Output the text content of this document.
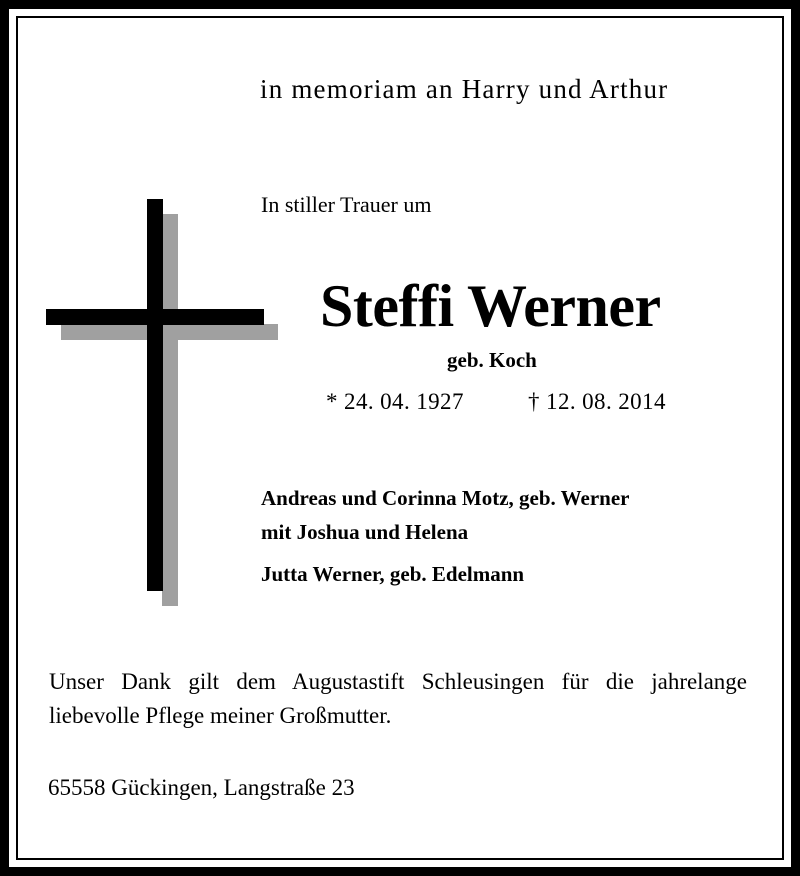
in memoriam an Harry und Arthur
In stiller Trauer um
Steffi Werner
geb. Koch
* 24. 04. 1927	† 12. 08. 2014
Andreas und Corinna Motz, geb. Werner
mit Joshua und Helena
Jutta Werner, geb. Edelmann
Unser Dank gilt dem Augustastift Schleusingen für die jahrelange liebevolle Pflege meiner Großmutter.
65558 Gückingen, Langstraße 23
